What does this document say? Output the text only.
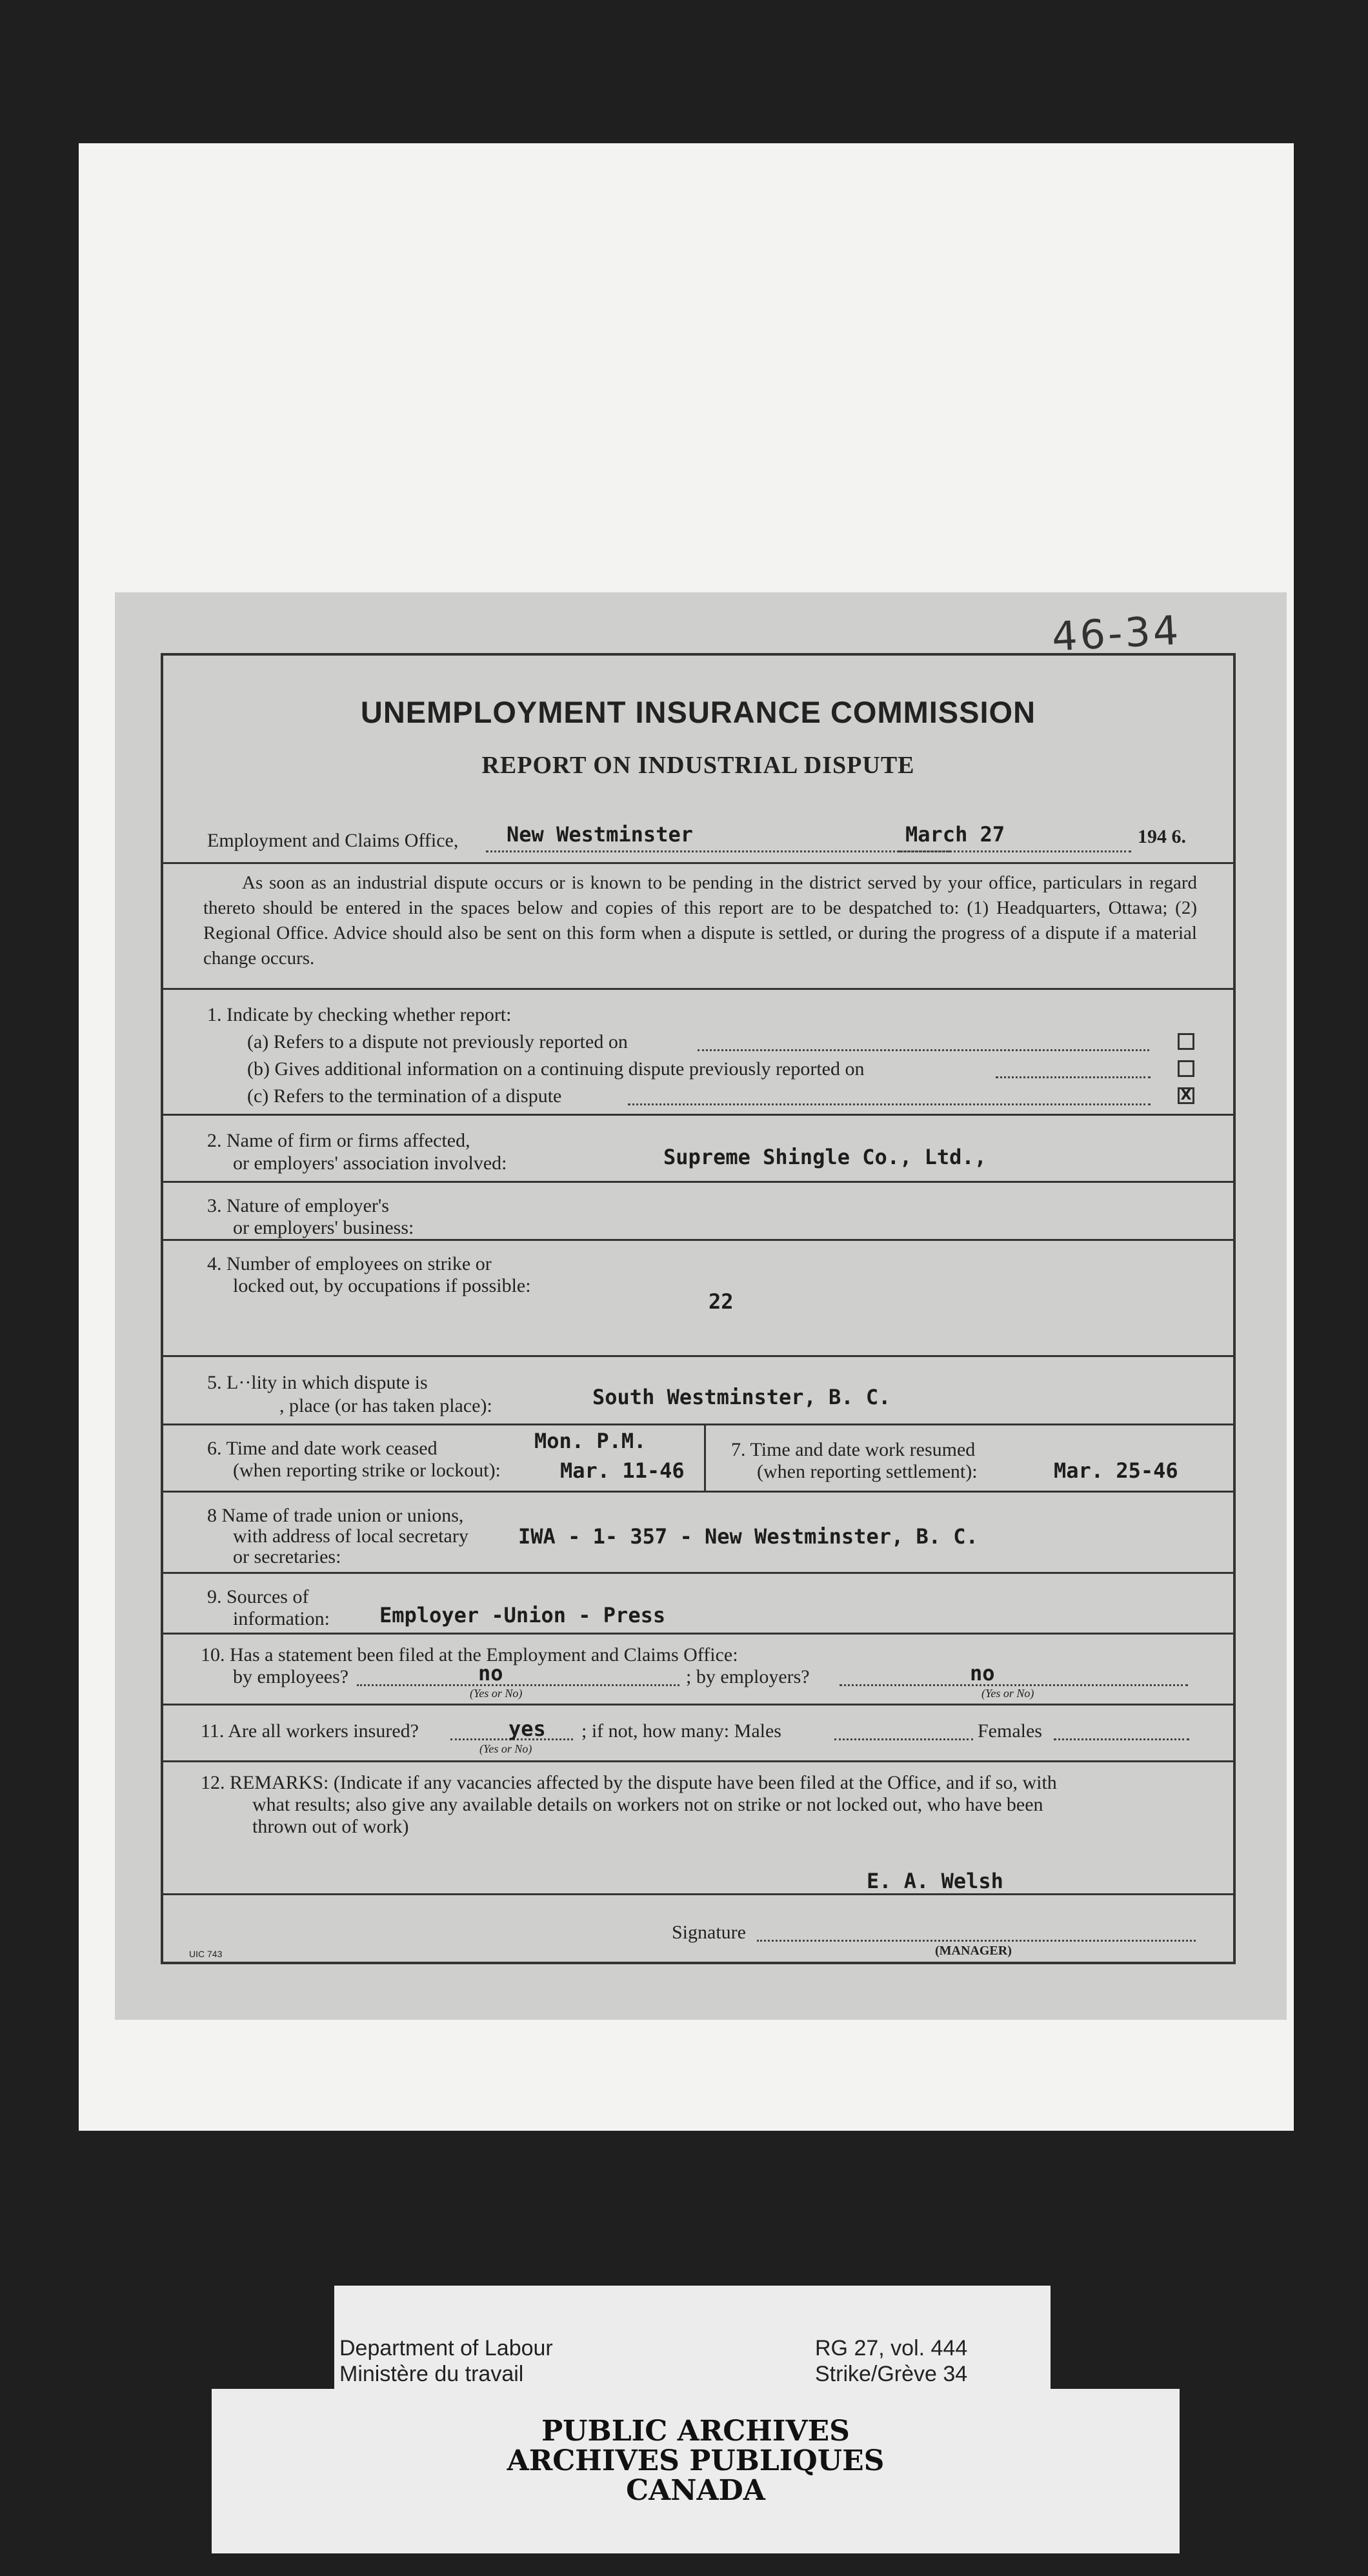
46-34
UNEMPLOYMENT INSURANCE COMMISSION
REPORT ON INDUSTRIAL DISPUTE
Employment and Claims Office, New Westminster	March 27	194 6.
As soon as an industrial dispute occurs or is known to be pending in the district served by your office, particulars in regard thereto should be entered in the spaces below and copies of this report are to be despatched to: (1) Headquarters, Ottawa; (2) Regional Office. Advice should also be sent on this form when a dispute is settled, or during the progress of a dispute if a material change occurs.
1. Indicate by checking whether report:
(a) Refers to a dispute not previously reported on
(b) Gives additional information on a continuing dispute previously reported on
(c) Refers to the termination of a dispute	X
2. Name of firm or firms affected,
or employers' association involved:	Supreme Shingle Co., Ltd.,
3. Nature of employer's
or employers' business:
4. Number of employees on strike or
locked out, by occupations if possible:
22
5. L··lity in which dispute is
, place (or has taken place):	South Westminster, B. C.
6. Time and date work ceased
(when reporting strike or lockout):
Mon. P.M.
Mar. 11-46
7. Time and date work resumed
(when reporting settlement):	Mar. 25-46
8 Name of trade union or unions,
with address of local secretary
or secretaries:
IWA - 1- 357 - New Westminster, B. C.
9. Sources of
information: Employer -Union - Press
10. Has a statement been filed at the Employment and Claims Office:
by employees?	no
(Yes or No)
; by employers?	no
(Yes or No)
11. Are all workers insured?	yes
(Yes or No)
; if not, how many: Males	Females
12. REMARKS: (Indicate if any vacancies affected by the dispute have been filed at the Office, and if so, with
what results; also give any available details on workers not on strike or not locked out, who have been
thrown out of work)
E. A. Welsh
Signature
(MANAGER)
UIC 743
Department of Labour
Ministère du travail
RG 27, vol. 444
Strike/Grève 34
PUBLIC ARCHIVES
ARCHIVES PUBLIQUES
CANADA
